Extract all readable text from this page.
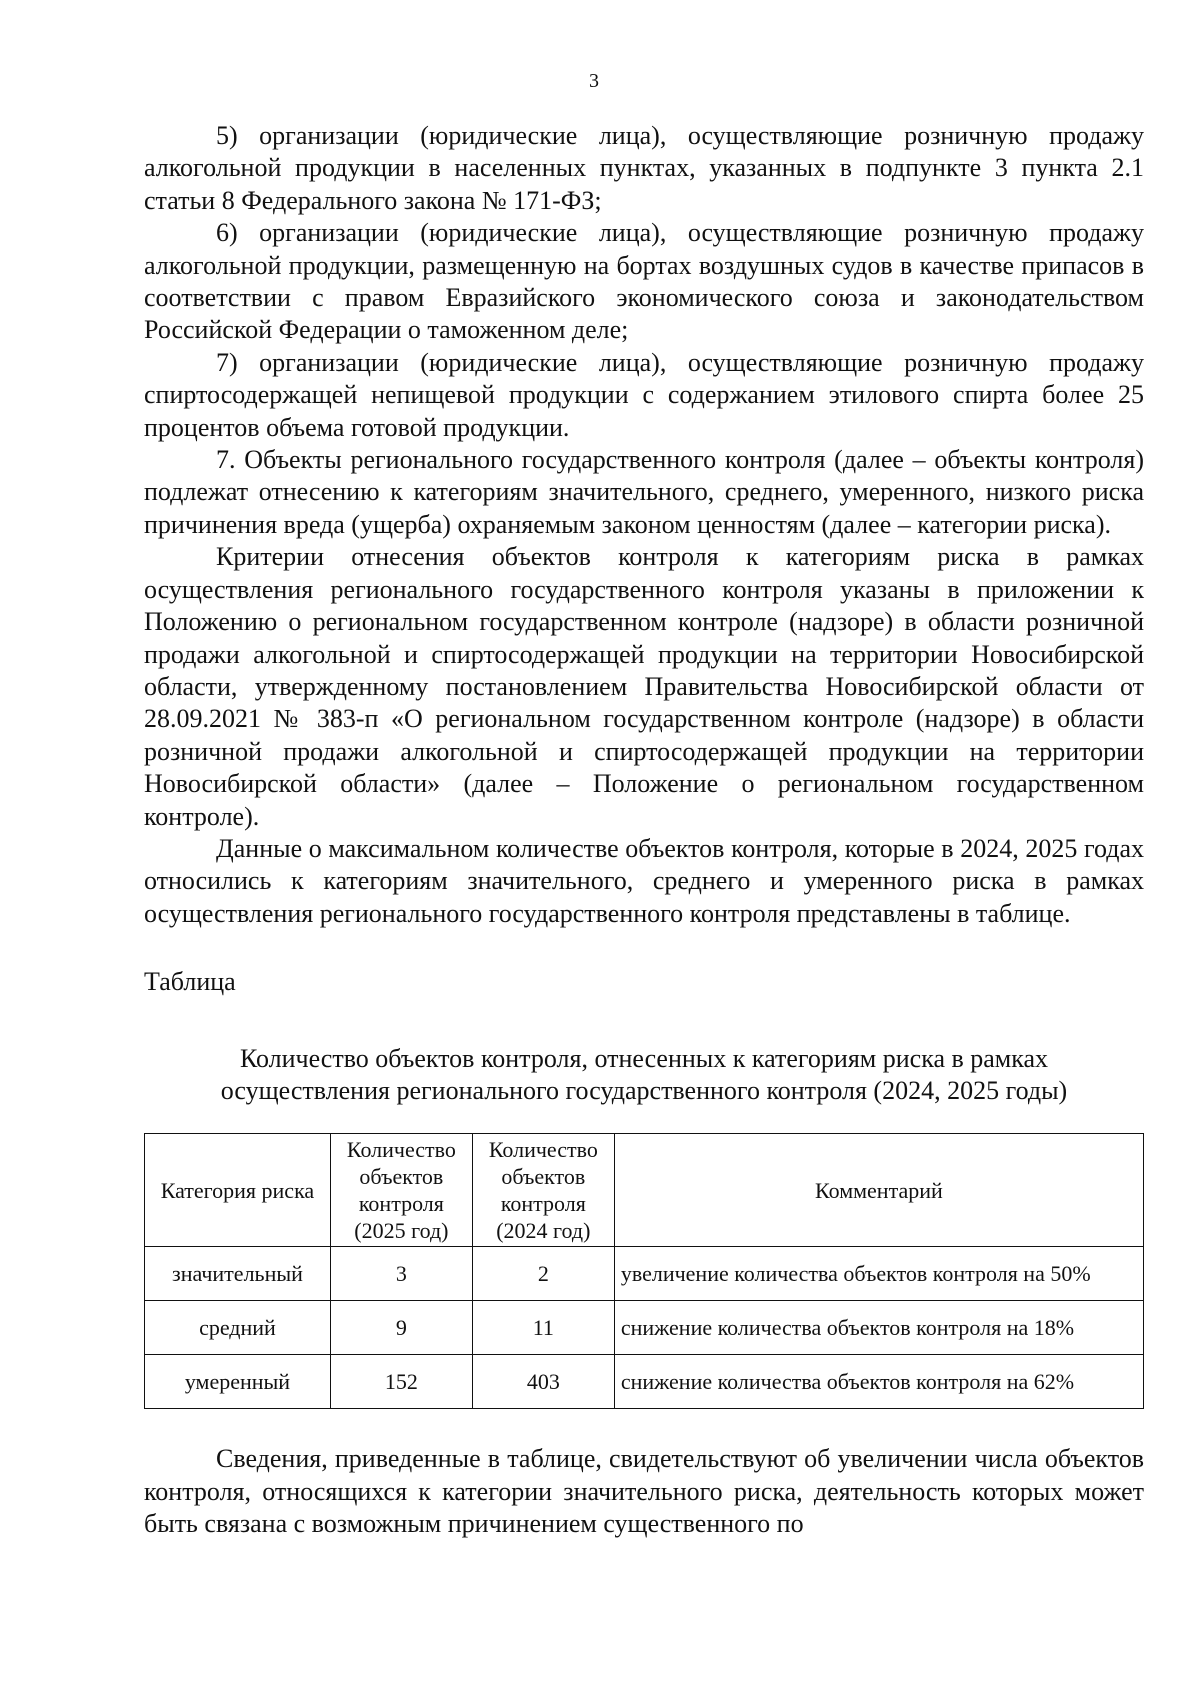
3

5) организации (юридические лица), осуществляющие розничную продажу алкогольной продукции в населенных пунктах, указанных в подпункте 3 пункта 2.1 статьи 8 Федерального закона № 171-ФЗ;

6) организации (юридические лица), осуществляющие розничную продажу алкогольной продукции, размещенную на бортах воздушных судов в качестве припасов в соответствии с правом Евразийского экономического союза и законодательством Российской Федерации о таможенном деле;

7) организации (юридические лица), осуществляющие розничную продажу спиртосодержащей непищевой продукции с содержанием этилового спирта более 25 процентов объема готовой продукции.

7. Объекты регионального государственного контроля (далее – объекты контроля) подлежат отнесению к категориям значительного, среднего, умеренного, низкого риска причинения вреда (ущерба) охраняемым законом ценностям (далее – категории риска).

Критерии отнесения объектов контроля к категориям риска в рамках осуществления регионального государственного контроля указаны в приложении к Положению о региональном государственном контроле (надзоре) в области розничной продажи алкогольной и спиртосодержащей продукции на территории Новосибирской области, утвержденному постановлением Правительства Новосибирской области от 28.09.2021 № 383-п «О региональном государственном контроле (надзоре) в области розничной продажи алкогольной и спиртосодержащей продукции на территории Новосибирской области» (далее – Положение о региональном государственном контроле).

Данные о максимальном количестве объектов контроля, которые в 2024, 2025 годах относились к категориям значительного, среднего и умеренного риска в рамках осуществления регионального государственного контроля представлены в таблице.

Таблица

Количество объектов контроля, отнесенных к категориям риска в рамках осуществления регионального государственного контроля (2024, 2025 годы)

Категория риска	Количество объектов контроля (2025 год)	Количество объектов контроля (2024 год)	Комментарий
значительный	3	2	увеличение количества объектов контроля на 50%
средний	9	11	снижение количества объектов контроля на 18%
умеренный	152	403	снижение количества объектов контроля на 62%

Сведения, приведенные в таблице, свидетельствуют об увеличении числа объектов контроля, относящихся к категории значительного риска, деятельность которых может быть связана с возможным причинением существенного по
